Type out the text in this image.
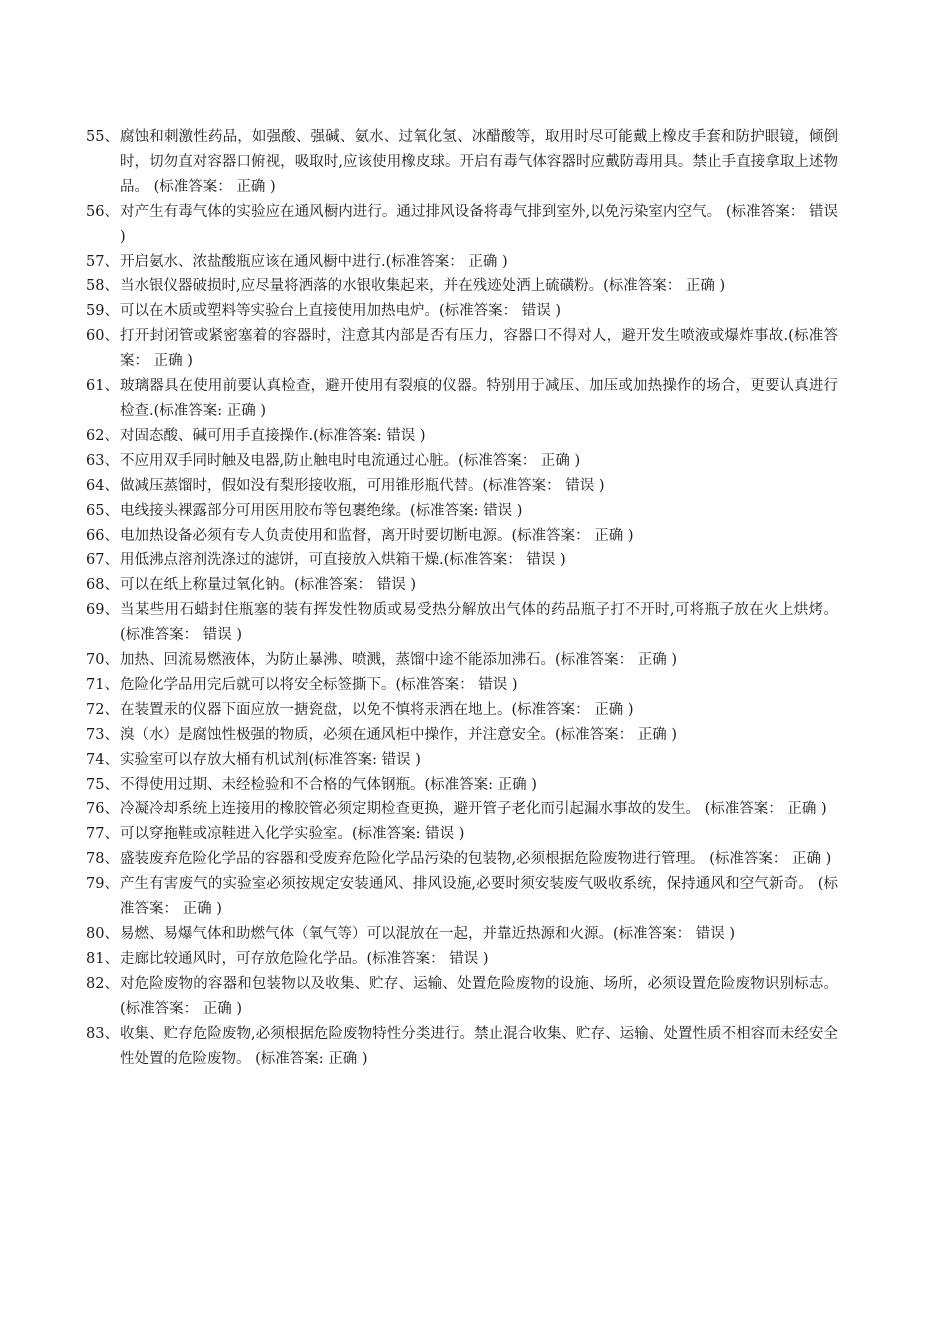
55、 腐蚀和刺激性药品，如强酸、强碱、氨水、过氧化氢、冰醋酸等，取用时尽可能戴上橡皮手套和防护眼镜，倾倒时，切勿直对容器口俯视，吸取时,应该使用橡皮球。开启有毒气体容器时应戴防毒用具。禁止手直接拿取上述物品。 (标准答案： 正确 )
56、 对产生有毒气体的实验应在通风橱内进行。通过排风设备将毒气排到室外,以免污染室内空气。 (标准答案： 错误 )
57、 开启氨水、浓盐酸瓶应该在通风橱中进行.(标准答案： 正确 )
58、 当水银仪器破损时,应尽量将洒落的水银收集起来，并在残迹处洒上硫磺粉。(标准答案： 正确 )
59、 可以在木质或塑料等实验台上直接使用加热电炉。(标准答案： 错误 )
60、 打开封闭管或紧密塞着的容器时，注意其内部是否有压力，容器口不得对人，避开发生喷液或爆炸事故.(标准答案： 正确 )
61、 玻璃器具在使用前要认真检查，避开使用有裂痕的仪器。特别用于减压、加压或加热操作的场合，更要认真进行检查.(标准答案: 正确 )
62、 对固态酸、碱可用手直接操作.(标准答案: 错误 )
63、 不应用双手同时触及电器,防止触电时电流通过心脏。(标准答案： 正确 )
64、 做减压蒸馏时，假如没有梨形接收瓶，可用锥形瓶代替。(标准答案： 错误 )
65、 电线接头裸露部分可用医用胶布等包裹绝缘。(标准答案: 错误 )
66、 电加热设备必须有专人负责使用和监督，离开时要切断电源。(标准答案： 正确 )
67、 用低沸点溶剂洗涤过的滤饼，可直接放入烘箱干燥.(标准答案： 错误 )
68、 可以在纸上称量过氧化钠。(标准答案： 错误 )
69、 当某些用石蜡封住瓶塞的装有挥发性物质或易受热分解放出气体的药品瓶子打不开时,可将瓶子放在火上烘烤。(标准答案： 错误 )
70、 加热、回流易燃液体，为防止暴沸、喷溅，蒸馏中途不能添加沸石。(标准答案： 正确 )
71、 危险化学品用完后就可以将安全标签撕下。(标准答案： 错误 )
72、 在装置汞的仪器下面应放一搪瓷盘，以免不慎将汞洒在地上。(标准答案： 正确 )
73、 溴（水）是腐蚀性极强的物质，必须在通风柜中操作，并注意安全。(标准答案： 正确 )
74、 实验室可以存放大桶有机试剂(标准答案: 错误 )
75、 不得使用过期、未经检验和不合格的气体钢瓶。(标准答案: 正确 )
76、 冷凝冷却系统上连接用的橡胶管必须定期检查更换，避开管子老化而引起漏水事故的发生。 (标准答案： 正确 )
77、 可以穿拖鞋或凉鞋进入化学实验室。(标准答案: 错误 )
78、 盛装废弃危险化学品的容器和受废弃危险化学品污染的包装物,必须根据危险废物进行管理。 (标准答案： 正确 )
79、 产生有害废气的实验室必须按规定安装通风、排风设施,必要时须安装废气吸收系统，保持通风和空气新奇。 (标准答案： 正确 )
80、 易燃、易爆气体和助燃气体（氧气等）可以混放在一起，并靠近热源和火源。(标准答案： 错误 )
81、 走廊比较通风时，可存放危险化学品。(标准答案： 错误 )
82、 对危险废物的容器和包装物以及收集、贮存、运输、处置危险废物的设施、场所，必须设置危险废物识别标志。 (标准答案： 正确 )
83、 收集、贮存危险废物,必须根据危险废物特性分类进行。禁止混合收集、贮存、运输、处置性质不相容而未经安全性处置的危险废物。 (标准答案: 正确 )
